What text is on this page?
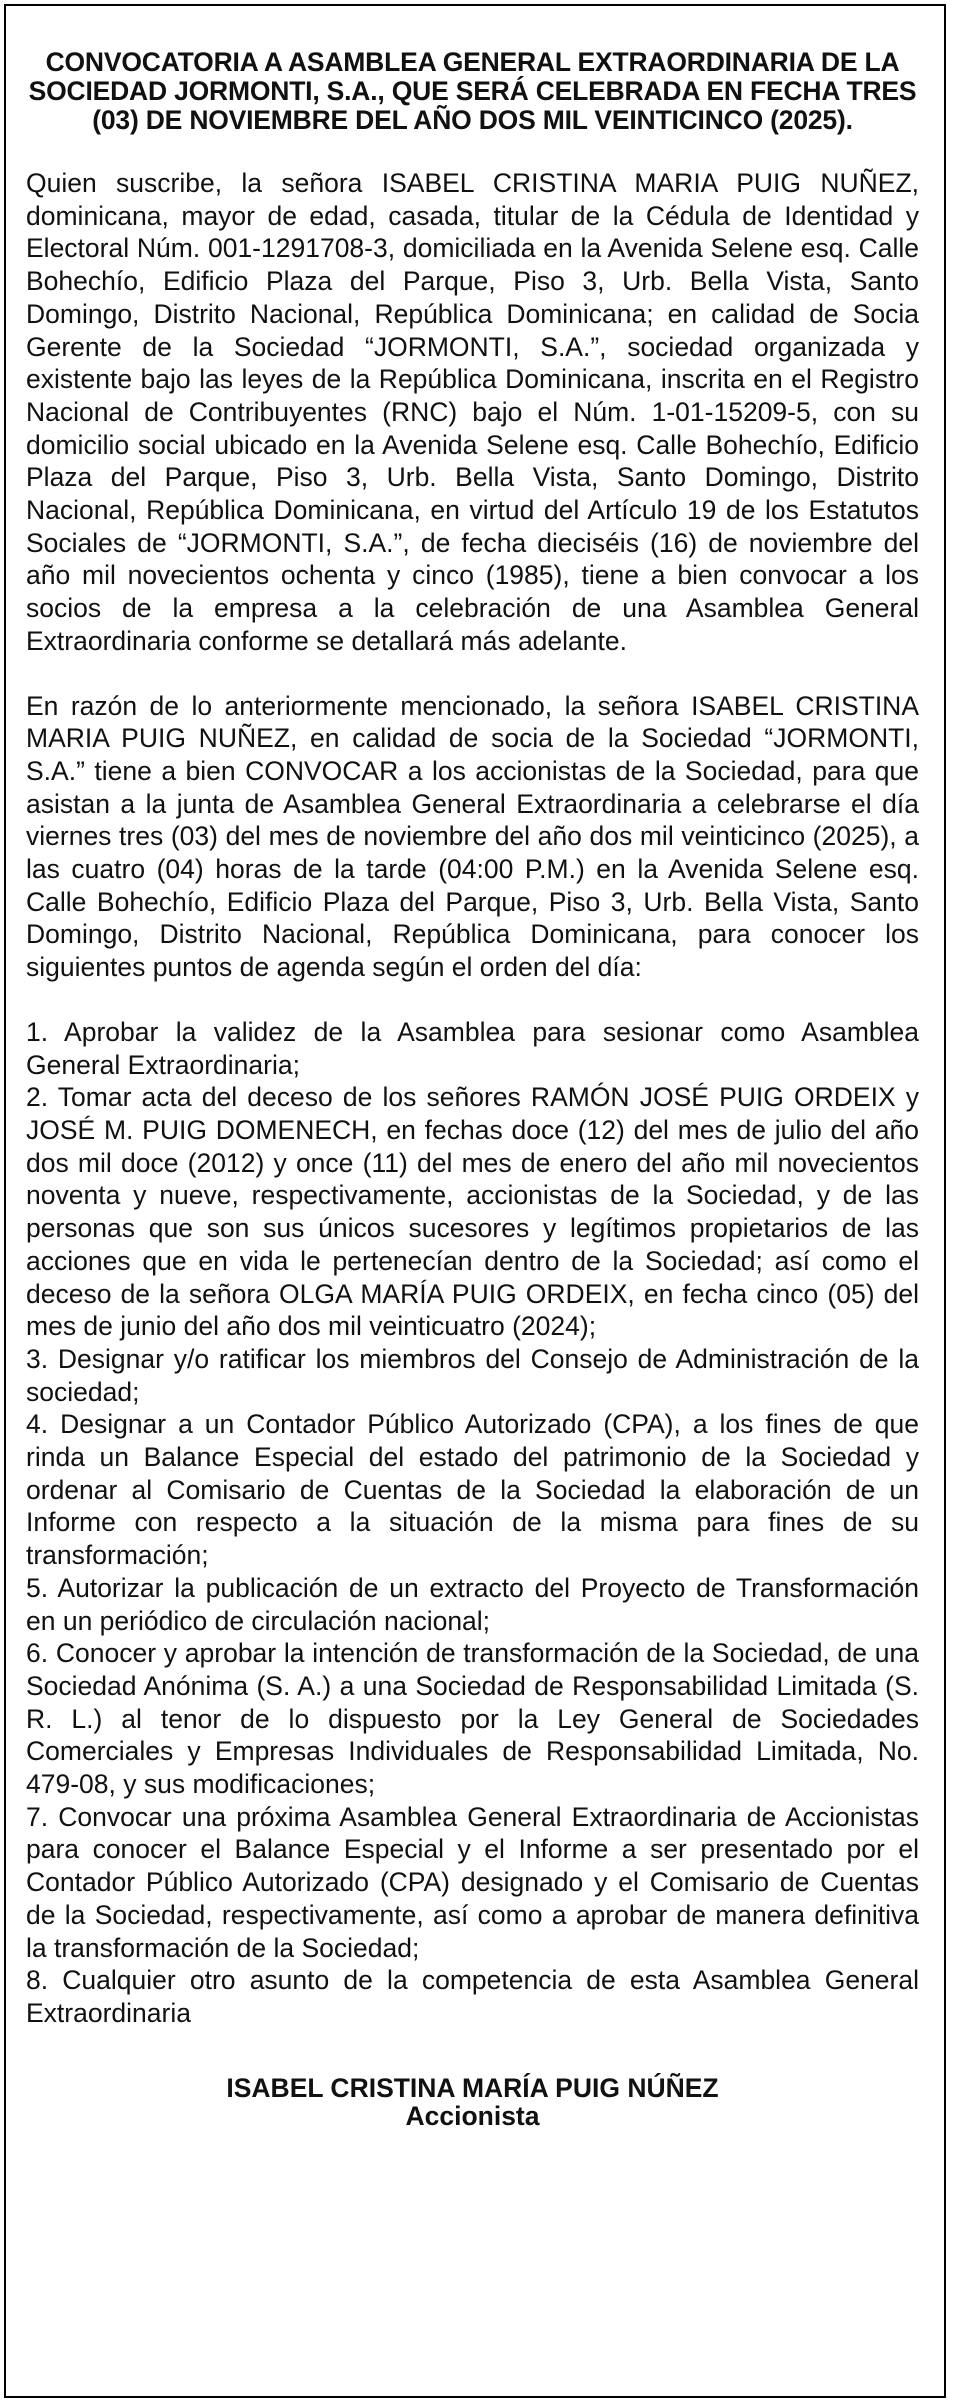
CONVOCATORIA A ASAMBLEA GENERAL EXTRAORDINARIA DE LA SOCIEDAD JORMONTI, S.A., QUE SERÁ CELEBRADA EN FECHA TRES (03) DE NOVIEMBRE DEL AÑO DOS MIL VEINTICINCO (2025).

Quien suscribe, la señora ISABEL CRISTINA MARIA PUIG NUÑEZ, dominicana, mayor de edad, casada, titular de la Cédula de Identidad y Electoral Núm. 001-1291708-3, domiciliada en la Avenida Selene esq. Calle Bohechío, Edificio Plaza del Parque, Piso 3, Urb. Bella Vista, Santo Domingo, Distrito Nacional, República Dominicana; en calidad de Socia Gerente de la Sociedad “JORMONTI, S.A.”, sociedad organizada y existente bajo las leyes de la República Dominicana, inscrita en el Registro Nacional de Contribuyentes (RNC) bajo el Núm. 1-01-15209-5, con su domicilio social ubicado en la Avenida Selene esq. Calle Bohechío, Edificio Plaza del Parque, Piso 3, Urb. Bella Vista, Santo Domingo, Distrito Nacional, República Dominicana, en virtud del Artículo 19 de los Estatutos Sociales de “JORMONTI, S.A.”, de fecha dieciséis (16) de noviembre del año mil novecientos ochenta y cinco (1985), tiene a bien convocar a los socios de la empresa a la celebración de una Asamblea General Extraordinaria conforme se detallará más adelante.

En razón de lo anteriormente mencionado, la señora ISABEL CRISTINA MARIA PUIG NUÑEZ, en calidad de socia de la Sociedad “JORMONTI, S.A.” tiene a bien CONVOCAR a los accionistas de la Sociedad, para que asistan a la junta de Asamblea General Extraordinaria a celebrarse el día viernes tres (03) del mes de noviembre del año dos mil veinticinco (2025), a las cuatro (04) horas de la tarde (04:00 P.M.) en la Avenida Selene esq. Calle Bohechío, Edificio Plaza del Parque, Piso 3, Urb. Bella Vista, Santo Domingo, Distrito Nacional, República Dominicana, para conocer los siguientes puntos de agenda según el orden del día:

1. Aprobar la validez de la Asamblea para sesionar como Asamblea General Extraordinaria;
2. Tomar acta del deceso de los señores RAMÓN JOSÉ PUIG ORDEIX y JOSÉ M. PUIG DOMENECH, en fechas doce (12) del mes de julio del año dos mil doce (2012) y once (11) del mes de enero del año mil novecientos noventa y nueve, respectivamente, accionistas de la Sociedad, y de las personas que son sus únicos sucesores y legítimos propietarios de las acciones que en vida le pertenecían dentro de la Sociedad; así como el deceso de la señora OLGA MARÍA PUIG ORDEIX, en fecha cinco (05) del mes de junio del año dos mil veinticuatro (2024);
3. Designar y/o ratificar los miembros del Consejo de Administración de la sociedad;
4. Designar a un Contador Público Autorizado (CPA), a los fines de que rinda un Balance Especial del estado del patrimonio de la Sociedad y ordenar al Comisario de Cuentas de la Sociedad la elaboración de un Informe con respecto a la situación de la misma para fines de su transformación;
5. Autorizar la publicación de un extracto del Proyecto de Transformación en un periódico de circulación nacional;
6. Conocer y aprobar la intención de transformación de la Sociedad, de una Sociedad Anónima (S. A.) a una Sociedad de Responsabilidad Limitada (S. R. L.) al tenor de lo dispuesto por la Ley General de Sociedades Comerciales y Empresas Individuales de Responsabilidad Limitada, No. 479-08, y sus modificaciones;
7. Convocar una próxima Asamblea General Extraordinaria de Accionistas para conocer el Balance Especial y el Informe a ser presentado por el Contador Público Autorizado (CPA) designado y el Comisario de Cuentas de la Sociedad, respectivamente, así como a aprobar de manera definitiva la transformación de la Sociedad;
8. Cualquier otro asunto de la competencia de esta Asamblea General Extraordinaria
ISABEL CRISTINA MARÍA PUIG NÚÑEZ
Accionista
